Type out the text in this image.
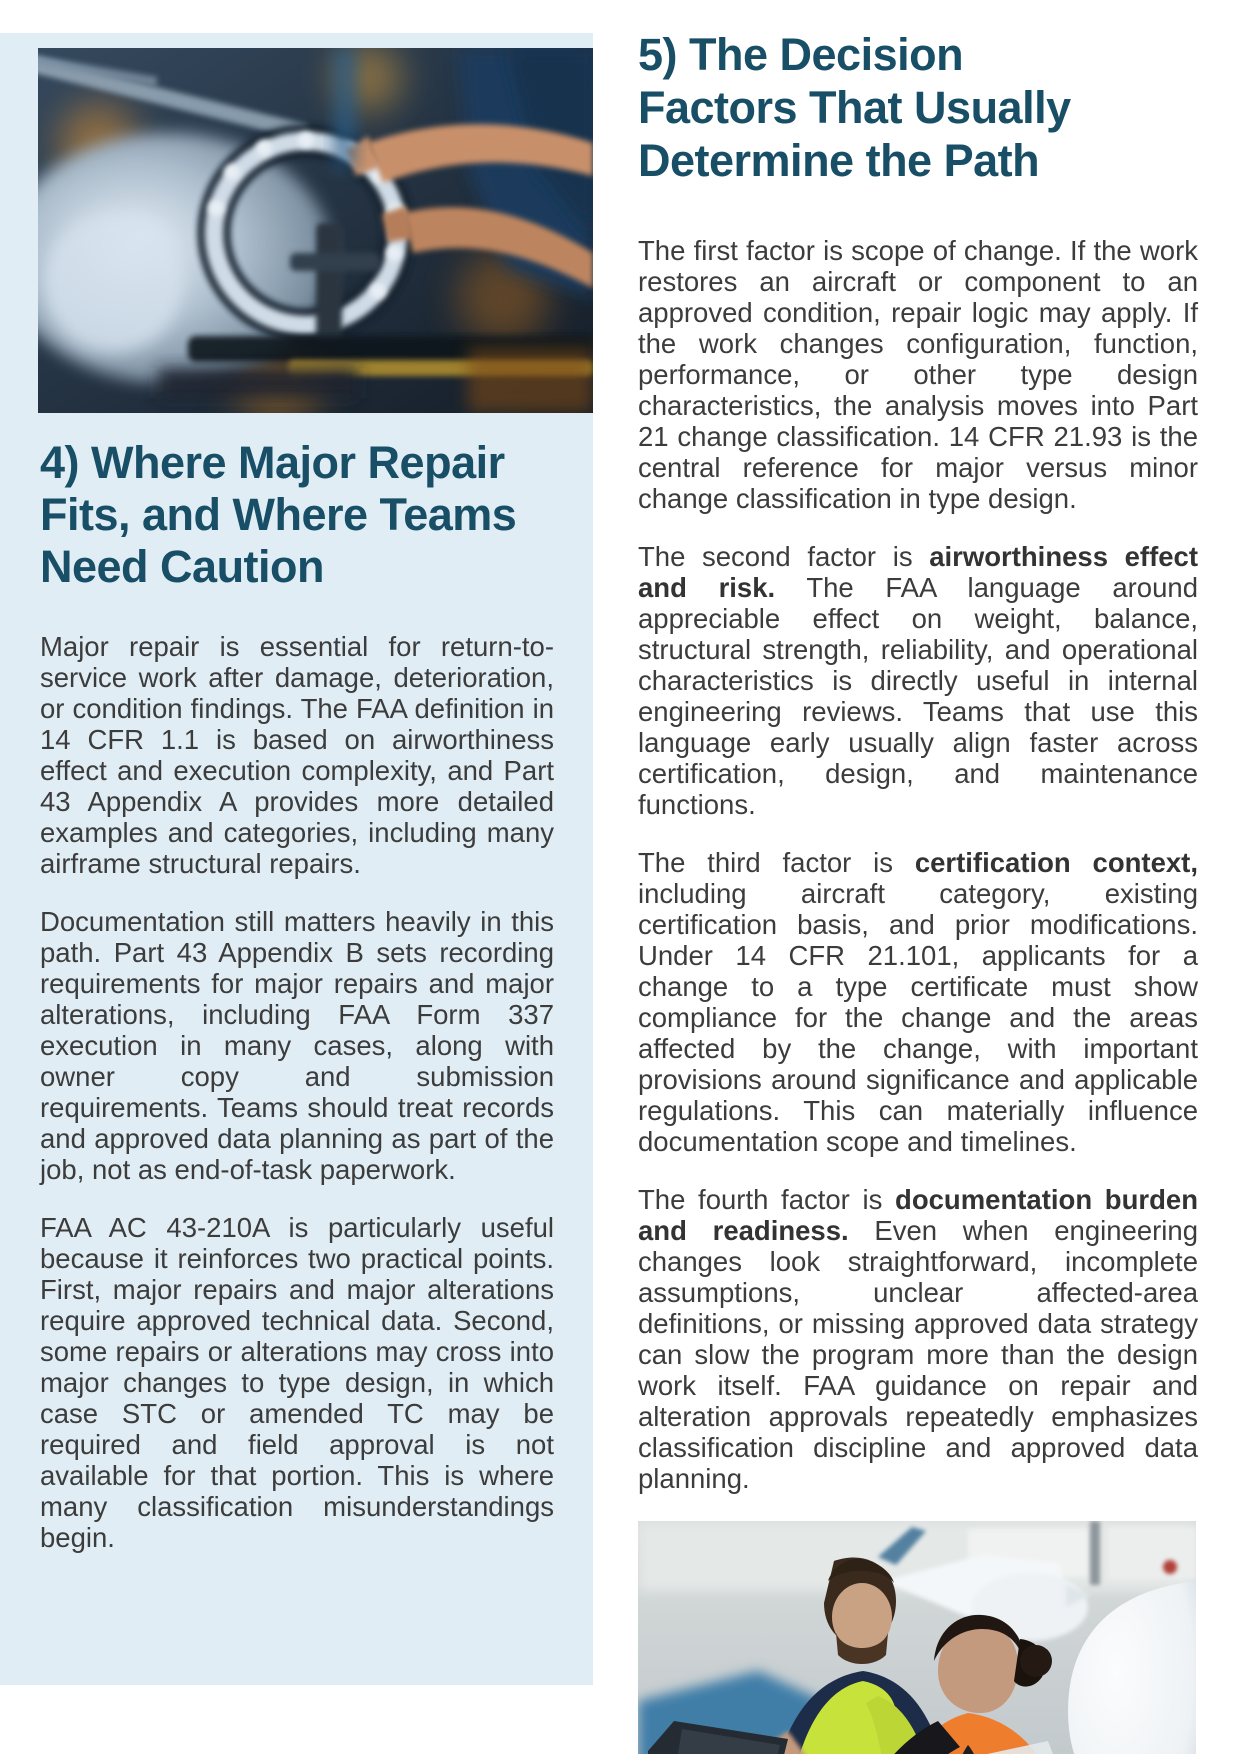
4) Where Major Repair
Fits, and Where Teams
Need Caution

Major repair is essential for return-to-service work after damage, deterioration, or condition findings. The FAA definition in 14 CFR 1.1 is based on airworthiness effect and execution complexity, and Part 43 Appendix A provides more detailed examples and categories, including many airframe structural repairs.

Documentation still matters heavily in this path. Part 43 Appendix B sets recording requirements for major repairs and major alterations, including FAA Form 337 execution in many cases, along with owner copy and submission requirements. Teams should treat records and approved data planning as part of the job, not as end-of-task paperwork.

FAA AC 43-210A is particularly useful because it reinforces two practical points. First, major repairs and major alterations require approved technical data. Second, some repairs or alterations may cross into major changes to type design, in which case STC or amended TC may be required and field approval is not available for that portion. This is where many classification misunderstandings begin.

5) The Decision
Factors That Usually
Determine the Path

The first factor is scope of change. If the work restores an aircraft or component to an approved condition, repair logic may apply. If the work changes configuration, function, performance, or other type design characteristics, the analysis moves into Part 21 change classification. 14 CFR 21.93 is the central reference for major versus minor change classification in type design.

The second factor is airworthiness effect and risk. The FAA language around appreciable effect on weight, balance, structural strength, reliability, and operational characteristics is directly useful in internal engineering reviews. Teams that use this language early usually align faster across certification, design, and maintenance functions.

The third factor is certification context, including aircraft category, existing certification basis, and prior modifications. Under 14 CFR 21.101, applicants for a change to a type certificate must show compliance for the change and the areas affected by the change, with important provisions around significance and applicable regulations. This can materially influence documentation scope and timelines.

The fourth factor is documentation burden and readiness. Even when engineering changes look straightforward, incomplete assumptions, unclear affected-area definitions, or missing approved data strategy can slow the program more than the design work itself. FAA guidance on repair and alteration approvals repeatedly emphasizes classification discipline and approved data planning.
